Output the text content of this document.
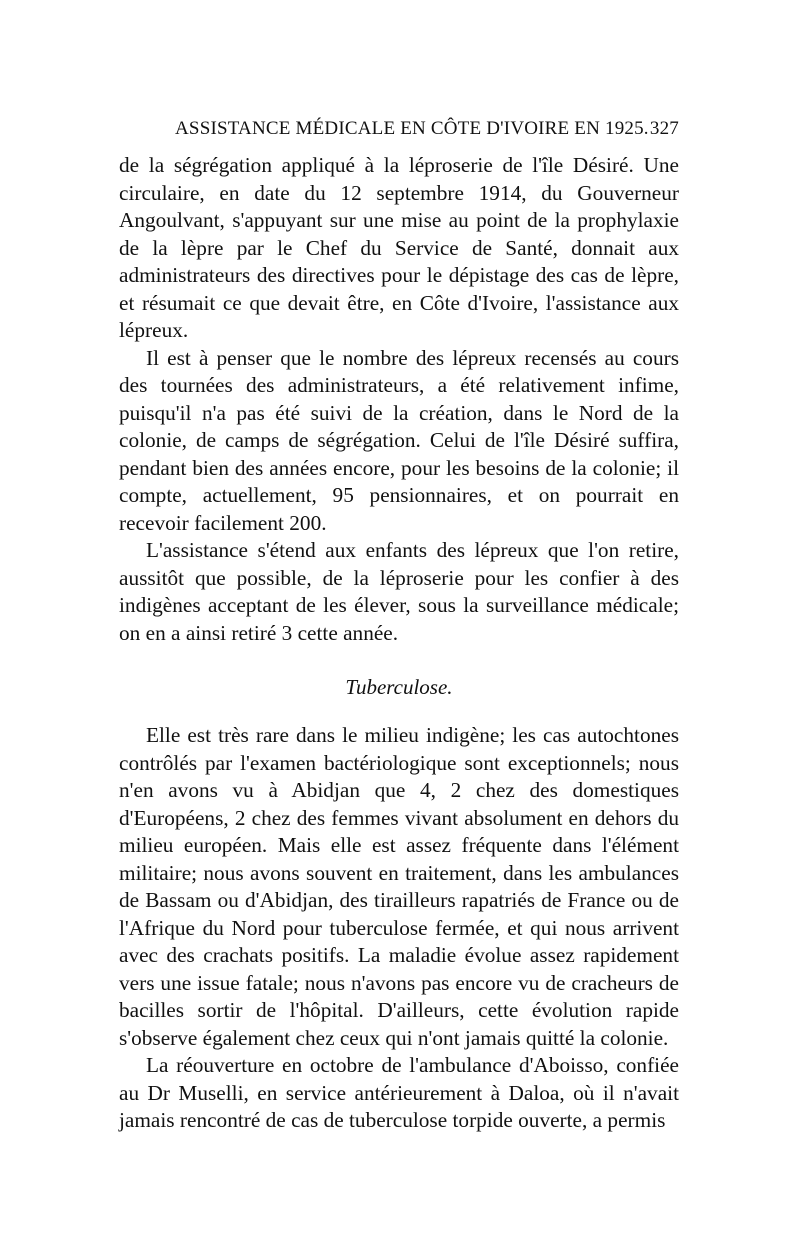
ASSISTANCE MÉDICALE EN CÔTE D'IVOIRE EN 1925. 327

de la ségrégation appliqué à la léproserie de l'île Désiré. Une circulaire, en date du 12 septembre 1914, du Gouverneur Angoulvant, s'appuyant sur une mise au point de la prophylaxie de la lèpre par le Chef du Service de Santé, donnait aux administrateurs des directives pour le dépistage des cas de lèpre, et résumait ce que devait être, en Côte d'Ivoire, l'assistance aux lépreux.

Il est à penser que le nombre des lépreux recensés au cours des tournées des administrateurs, a été relativement infime, puisqu'il n'a pas été suivi de la création, dans le Nord de la colonie, de camps de ségrégation. Celui de l'île Désiré suffira, pendant bien des années encore, pour les besoins de la colonie; il compte, actuellement, 95 pensionnaires, et on pourrait en recevoir facilement 200.

L'assistance s'étend aux enfants des lépreux que l'on retire, aussitôt que possible, de la léproserie pour les confier à des indigènes acceptant de les élever, sous la surveillance médicale; on en a ainsi retiré 3 cette année.

Tuberculose.

Elle est très rare dans le milieu indigène; les cas autochtones contrôlés par l'examen bactériologique sont exceptionnels; nous n'en avons vu à Abidjan que 4, 2 chez des domestiques d'Européens, 2 chez des femmes vivant absolument en dehors du milieu européen. Mais elle est assez fréquente dans l'élément militaire; nous avons souvent en traitement, dans les ambulances de Bassam ou d'Abidjan, des tirailleurs rapatriés de France ou de l'Afrique du Nord pour tuberculose fermée, et qui nous arrivent avec des crachats positifs. La maladie évolue assez rapidement vers une issue fatale; nous n'avons pas encore vu de cracheurs de bacilles sortir de l'hôpital. D'ailleurs, cette évolution rapide s'observe également chez ceux qui n'ont jamais quitté la colonie.

La réouverture en octobre de l'ambulance d'Aboisso, confiée au Dr Muselli, en service antérieurement à Daloa, où il n'avait jamais rencontré de cas de tuberculose torpide ouverte, a permis
